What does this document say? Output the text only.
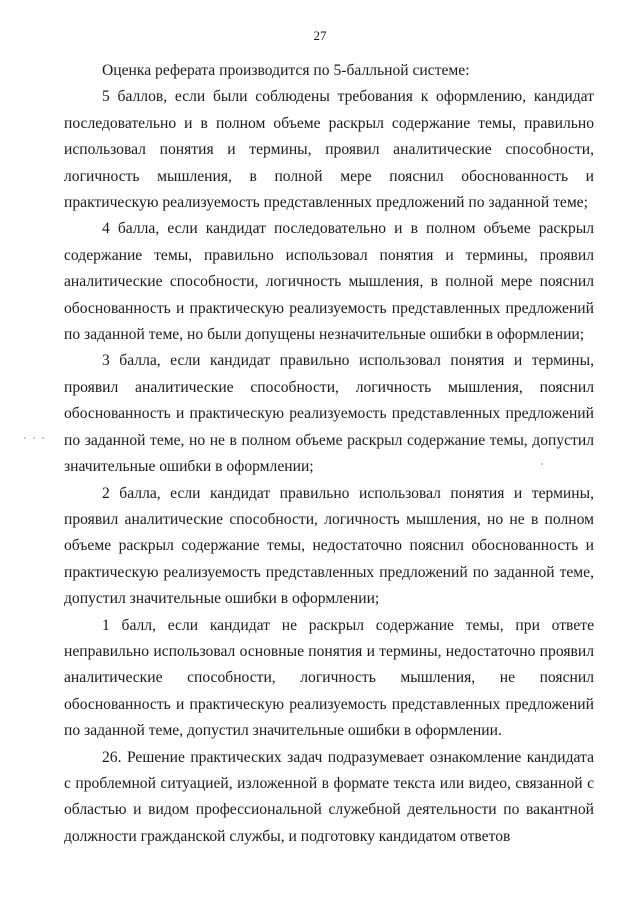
27

Оценка реферата производится по 5-балльной системе:

5 баллов, если были соблюдены требования к оформлению, кандидат последовательно и в полном объеме раскрыл содержание темы, правильно использовал понятия и термины, проявил аналитические способности, логичность мышления, в полной мере пояснил обоснованность и практическую реализуемость представленных предложений по заданной теме;

4 балла, если кандидат последовательно и в полном объеме раскрыл содержание темы, правильно использовал понятия и термины, проявил аналитические способности, логичность мышления, в полной мере пояснил обоснованность и практическую реализуемость представленных предложений по заданной теме, но были допущены незначительные ошибки в оформлении;

3 балла, если кандидат правильно использовал понятия и термины, проявил аналитические способности, логичность мышления, пояснил обоснованность и практическую реализуемость представленных предложений по заданной теме, но не в полном объеме раскрыл содержание темы, допустил значительные ошибки в оформлении;

2 балла, если кандидат правильно использовал понятия и термины, проявил аналитические способности, логичность мышления, но не в полном объеме раскрыл содержание темы, недостаточно пояснил обоснованность и практическую реализуемость представленных предложений по заданной теме, допустил значительные ошибки в оформлении;

1 балл, если кандидат не раскрыл содержание темы, при ответе неправильно использовал основные понятия и термины, недостаточно проявил аналитические способности, логичность мышления, не пояснил обоснованность и практическую реализуемость представленных предложений по заданной теме, допустил значительные ошибки в оформлении.

26. Решение практических задач подразумевает ознакомление кандидата с проблемной ситуацией, изложенной в формате текста или видео, связанной с областью и видом профессиональной служебной деятельности по вакантной должности гражданской службы, и подготовку кандидатом ответов
